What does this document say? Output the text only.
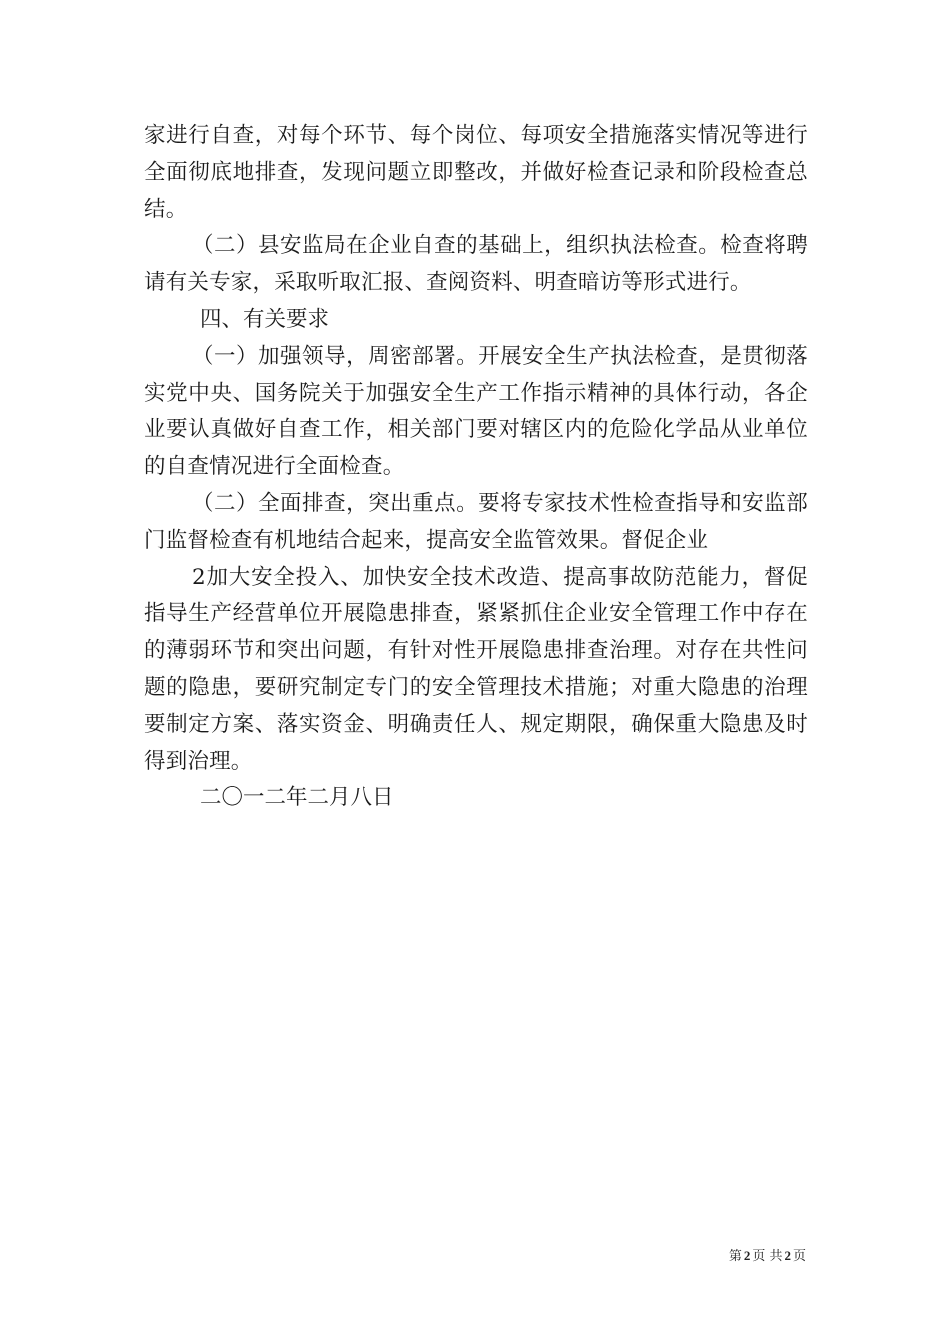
家进行自查，对每个环节、每个岗位、每项安全措施落实情况等进行全面彻底地排查，发现问题立即整改，并做好检查记录和阶段检查总结。

（二）县安监局在企业自查的基础上，组织执法检查。检查将聘请有关专家，采取听取汇报、查阅资料、明查暗访等形式进行。

四、有关要求

（一）加强领导，周密部署。开展安全生产执法检查，是贯彻落实党中央、国务院关于加强安全生产工作指示精神的具体行动，各企业要认真做好自查工作，相关部门要对辖区内的危险化学品从业单位的自查情况进行全面检查。

（二）全面排查，突出重点。要将专家技术性检查指导和安监部门监督检查有机地结合起来，提高安全监管效果。督促企业

2加大安全投入、加快安全技术改造、提高事故防范能力，督促指导生产经营单位开展隐患排查，紧紧抓住企业安全管理工作中存在的薄弱环节和突出问题，有针对性开展隐患排查治理。对存在共性问题的隐患，要研究制定专门的安全管理技术措施；对重大隐患的治理要制定方案、落实资金、明确责任人、规定期限，确保重大隐患及时得到治理。

二〇一二年二月八日

第 2 页 共 2 页
